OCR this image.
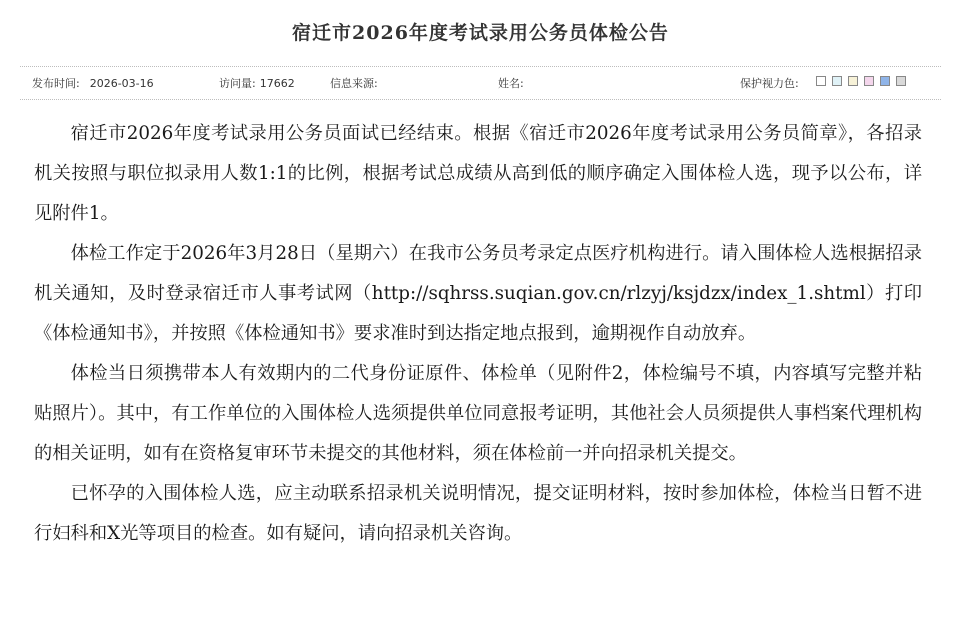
宿迁市2026年度考试录用公务员体检公告
发布时间: 2026-03-16	访问量: 17662	信息来源:	姓名:	保护视力色:

宿迁市2026年度考试录用公务员面试已经结束。根据《宿迁市2026年度考试录用公务员简章》，各招录机关按照与职位拟录用人数1:1的比例，根据考试总成绩从高到低的顺序确定入围体检人选，现予以公布，详见附件1。

体检工作定于2026年3月28日（星期六）在我市公务员考录定点医疗机构进行。请入围体检人选根据招录机关通知，及时登录宿迁市人事考试网（http://sqhrss.suqian.gov.cn/rlzyj/ksjdzx/index_1.shtml）打印《体检通知书》，并按照《体检通知书》要求准时到达指定地点报到，逾期视作自动放弃。

体检当日须携带本人有效期内的二代身份证原件、体检单（见附件2，体检编号不填，内容填写完整并粘贴照片）。其中，有工作单位的入围体检人选须提供单位同意报考证明，其他社会人员须提供人事档案代理机构的相关证明，如有在资格复审环节未提交的其他材料，须在体检前一并向招录机关提交。

已怀孕的入围体检人选，应主动联系招录机关说明情况，提交证明材料，按时参加体检，体检当日暂不进行妇科和X光等项目的检查。如有疑问，请向招录机关咨询。
